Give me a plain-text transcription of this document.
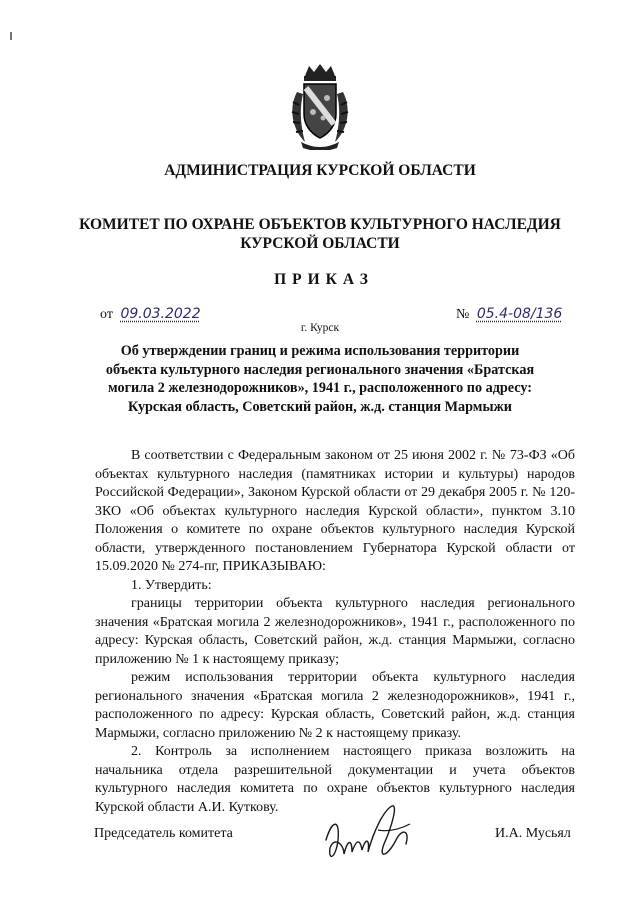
АДМИНИСТРАЦИЯ КУРСКОЙ ОБЛАСТИ
КОМИТЕТ ПО ОХРАНЕ ОБЪЕКТОВ КУЛЬТУРНОГО НАСЛЕДИЯ
КУРСКОЙ ОБЛАСТИ
ПРИКАЗ
от 09.03.2022	№ 05.4-08/136
г. Курск
Об утверждении границ и режима использования территории
объекта культурного наследия регионального значения «Братская
могила 2 железнодорожников», 1941 г., расположенного по адресу:
Курская область, Советский район, ж.д. станция Мармыжи

В соответствии с Федеральным законом от 25 июня 2002 г. № 73-ФЗ «Об объектах культурного наследия (памятниках истории и культуры) народов Российской Федерации», Законом Курской области от 29 декабря 2005 г. № 120-ЗКО «Об объектах культурного наследия Курской области», пунктом 3.10 Положения о комитете по охране объектов культурного наследия Курской области, утвержденного постановлением Губернатора Курской области от 15.09.2020 № 274-пг, ПРИКАЗЫВАЮ:

1. Утвердить:

границы территории объекта культурного наследия регионального значения «Братская могила 2 железнодорожников», 1941 г., расположенного по адресу: Курская область, Советский район, ж.д. станция Мармыжи, согласно приложению № 1 к настоящему приказу;

режим использования территории объекта культурного наследия регионального значения «Братская могила 2 железнодорожников», 1941 г., расположенного по адресу: Курская область, Советский район, ж.д. станция Мармыжи, согласно приложению № 2 к настоящему приказу.

2. Контроль за исполнением настоящего приказа возложить на начальника отдела разрешительной документации и учета объектов культурного наследия комитета по охране объектов культурного наследия Курской области А.И. Куткову.

Председатель комитета	И.А. Мусьял
